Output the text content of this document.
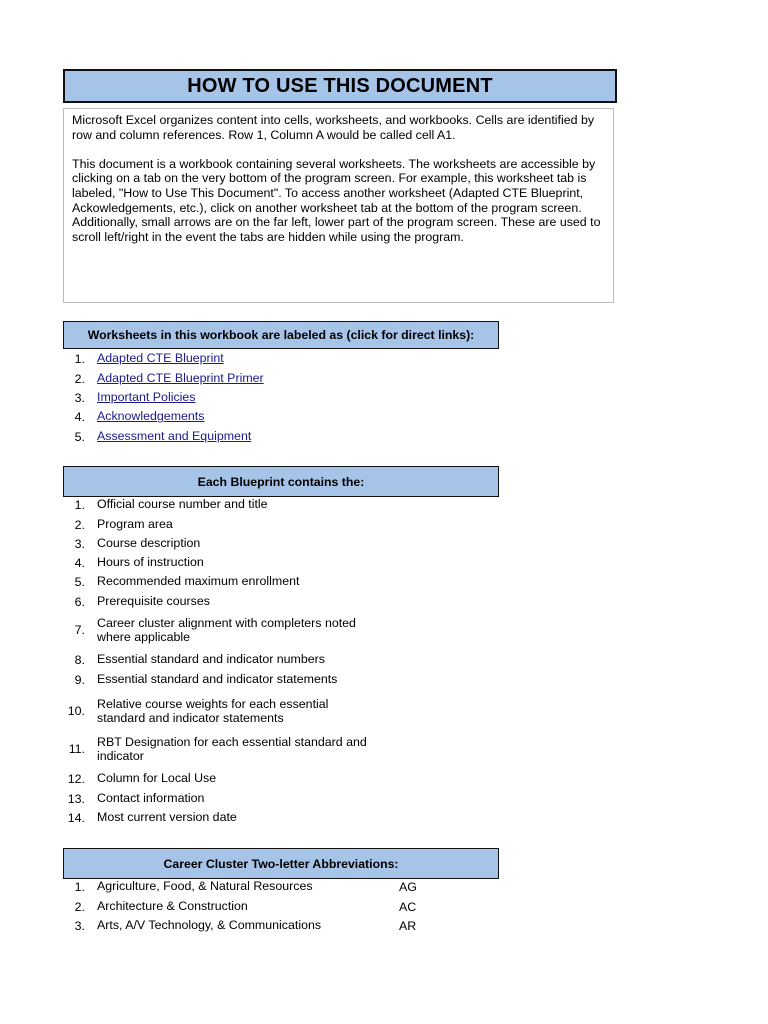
HOW TO USE THIS DOCUMENT

Microsoft Excel organizes content into cells, worksheets, and workbooks. Cells are identified by row and column references. Row 1, Column A would be called cell A1.

This document is a workbook containing several worksheets. The worksheets are accessible by clicking on a tab on the very bottom of the program screen. For example, this worksheet tab is labeled, "How to Use This Document". To access another worksheet (Adapted CTE Blueprint, Ackowledgements, etc.), click on another worksheet tab at the bottom of the program screen. Additionally, small arrows are on the far left, lower part of the program screen. These are used to scroll left/right in the event the tabs are hidden while using the program.

Worksheets in this workbook are labeled as (click for direct links):
1. Adapted CTE Blueprint
2. Adapted CTE Blueprint Primer
3. Important Policies
4. Acknowledgements
5. Assessment and Equipment
Each Blueprint contains the:
1. Official course number and title
2. Program area
3. Course description
4. Hours of instruction
5. Recommended maximum enrollment
6. Prerequisite courses
7.
Career cluster alignment with completers noted where applicable
8. Essential standard and indicator numbers
9. Essential standard and indicator statements
10.
Relative course weights for each essential standard and indicator statements
11.
RBT Designation for each essential standard and indicator
12. Column for Local Use
13. Contact information
14. Most current version date
Career Cluster Two-letter Abbreviations:
1. Agriculture, Food, & Natural Resources	AG
2. Architecture & Construction	AC
3. Arts, A/V Technology, & Communications	AR
